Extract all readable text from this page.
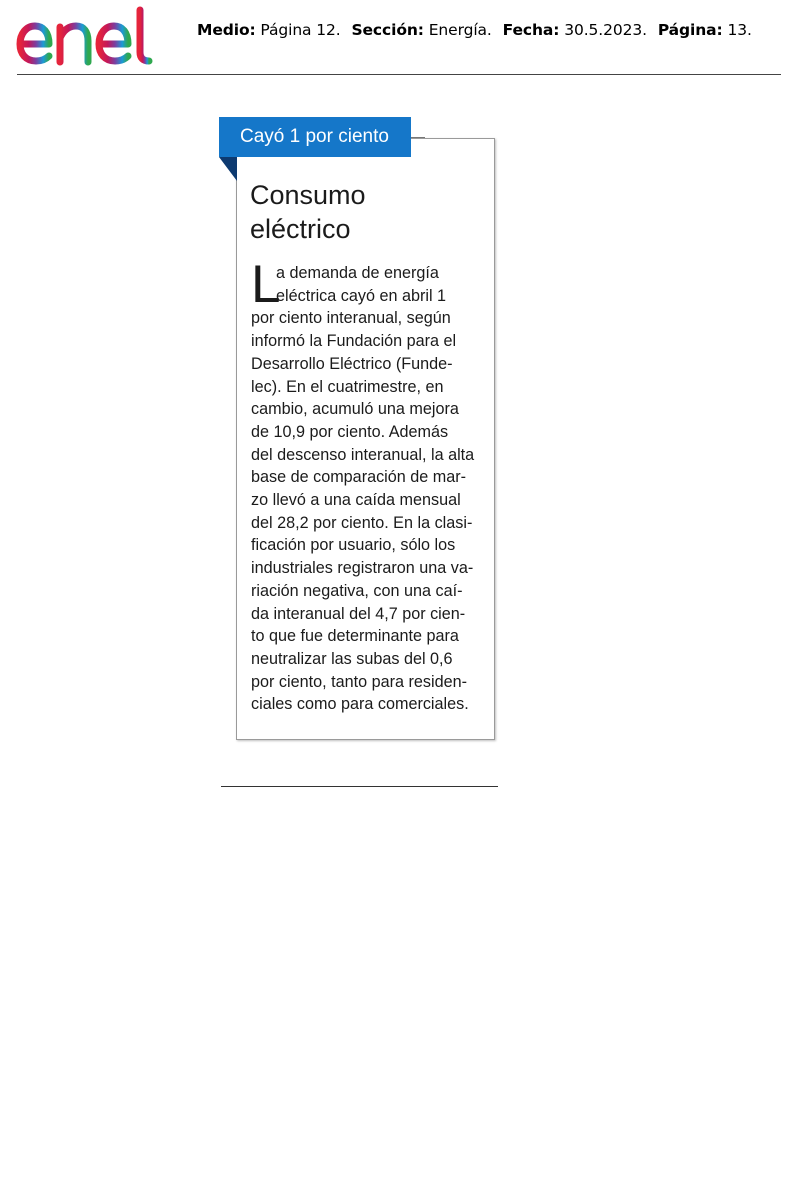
Medio: Página 12. Sección: Energía. Fecha: 30.5.2023. Página: 13.
Cayó 1 por ciento
Consumo
eléctrico
L
a demanda de energía
eléctrica cayó en abril 1
por ciento interanual, según
informó la Fundación para el
Desarrollo Eléctrico (Funde-
lec). En el cuatrimestre, en
cambio, acumuló una mejora
de 10,9 por ciento. Además
del descenso interanual, la alta
base de comparación de mar-
zo llevó a una caída mensual
del 28,2 por ciento. En la clasi-
ficación por usuario, sólo los
industriales registraron una va-
riación negativa, con una caí-
da interanual del 4,7 por cien-
to que fue determinante para
neutralizar las subas del 0,6
por ciento, tanto para residen-
ciales como para comerciales.
